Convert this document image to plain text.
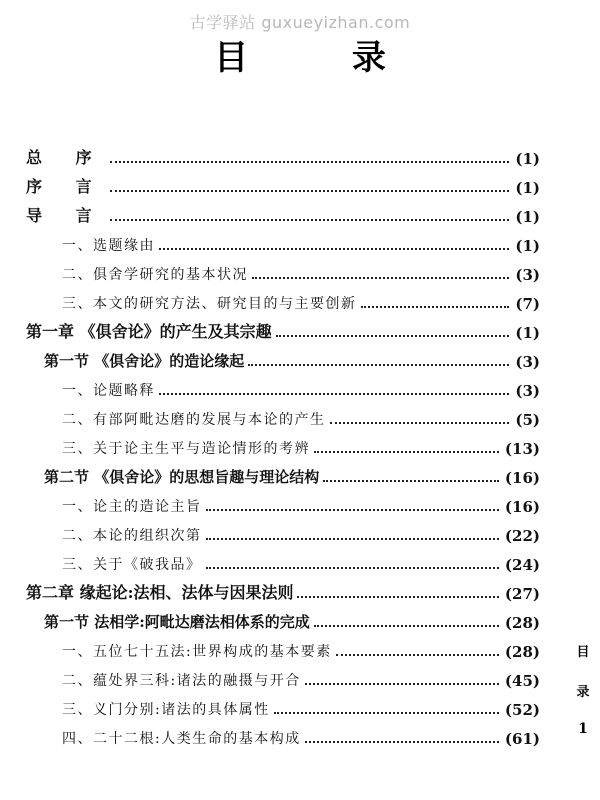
古学驿站 guxueyizhan.com
目 录
总 序	(1)
序 言	(1)
导 言	(1)
一、选题缘由	(1)
二、俱舍学研究的基本状况	(3)
三、本文的研究方法、研究目的与主要创新	(7)
第一章 《俱舍论》的产生及其宗趣	(1)
第一节 《俱舍论》的造论缘起	(3)
一、论题略释	(3)
二、有部阿毗达磨的发展与本论的产生	(5)
三、关于论主生平与造论情形的考辨	(13)
第二节 《俱舍论》的思想旨趣与理论结构	(16)
一、论主的造论主旨	(16)
二、本论的组织次第	(22)
三、关于《破我品》	(24)
第二章 缘起论:法相、法体与因果法则	(27)
第一节 法相学:阿毗达磨法相体系的完成	(28)
一、五位七十五法:世界构成的基本要素	(28)
二、蕴处界三科:诸法的融摄与开合	(45)
三、义门分别:诸法的具体属性	(52)
四、二十二根:人类生命的基本构成	(61)
目
录
1
